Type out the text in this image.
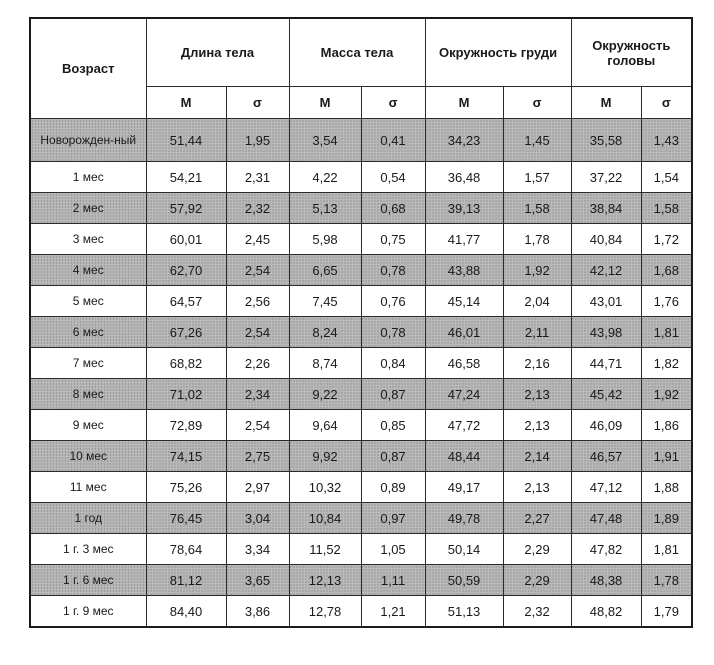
Возраст	Длина тела		Масса тела		Окружность груди		Окружность головы	
	М	σ	М	σ	М	σ	М	σ
Новорожден-ный	51,44	1,95	3,54	0,41	34,23	1,45	35,58	1,43
1 мес	54,21	2,31	4,22	0,54	36,48	1,57	37,22	1,54
2 мес	57,92	2,32	5,13	0,68	39,13	1,58	38,84	1,58
3 мес	60,01	2,45	5,98	0,75	41,77	1,78	40,84	1,72
4 мес	62,70	2,54	6,65	0,78	43,88	1,92	42,12	1,68
5 мес	64,57	2,56	7,45	0,76	45,14	2,04	43,01	1,76
6 мес	67,26	2,54	8,24	0,78	46,01	2,11	43,98	1,81
7 мес	68,82	2,26	8,74	0,84	46,58	2,16	44,71	1,82
8 мес	71,02	2,34	9,22	0,87	47,24	2,13	45,42	1,92
9 мес	72,89	2,54	9,64	0,85	47,72	2,13	46,09	1,86
10 мес	74,15	2,75	9,92	0,87	48,44	2,14	46,57	1,91
11 мес	75,26	2,97	10,32	0,89	49,17	2,13	47,12	1,88
1 год	76,45	3,04	10,84	0,97	49,78	2,27	47,48	1,89
1 г. 3 мес	78,64	3,34	11,52	1,05	50,14	2,29	47,82	1,81
1 г. 6 мес	81,12	3,65	12,13	1,11	50,59	2,29	48,38	1,78
1 г. 9 мес	84,40	3,86	12,78	1,21	51,13	2,32	48,82	1,79
